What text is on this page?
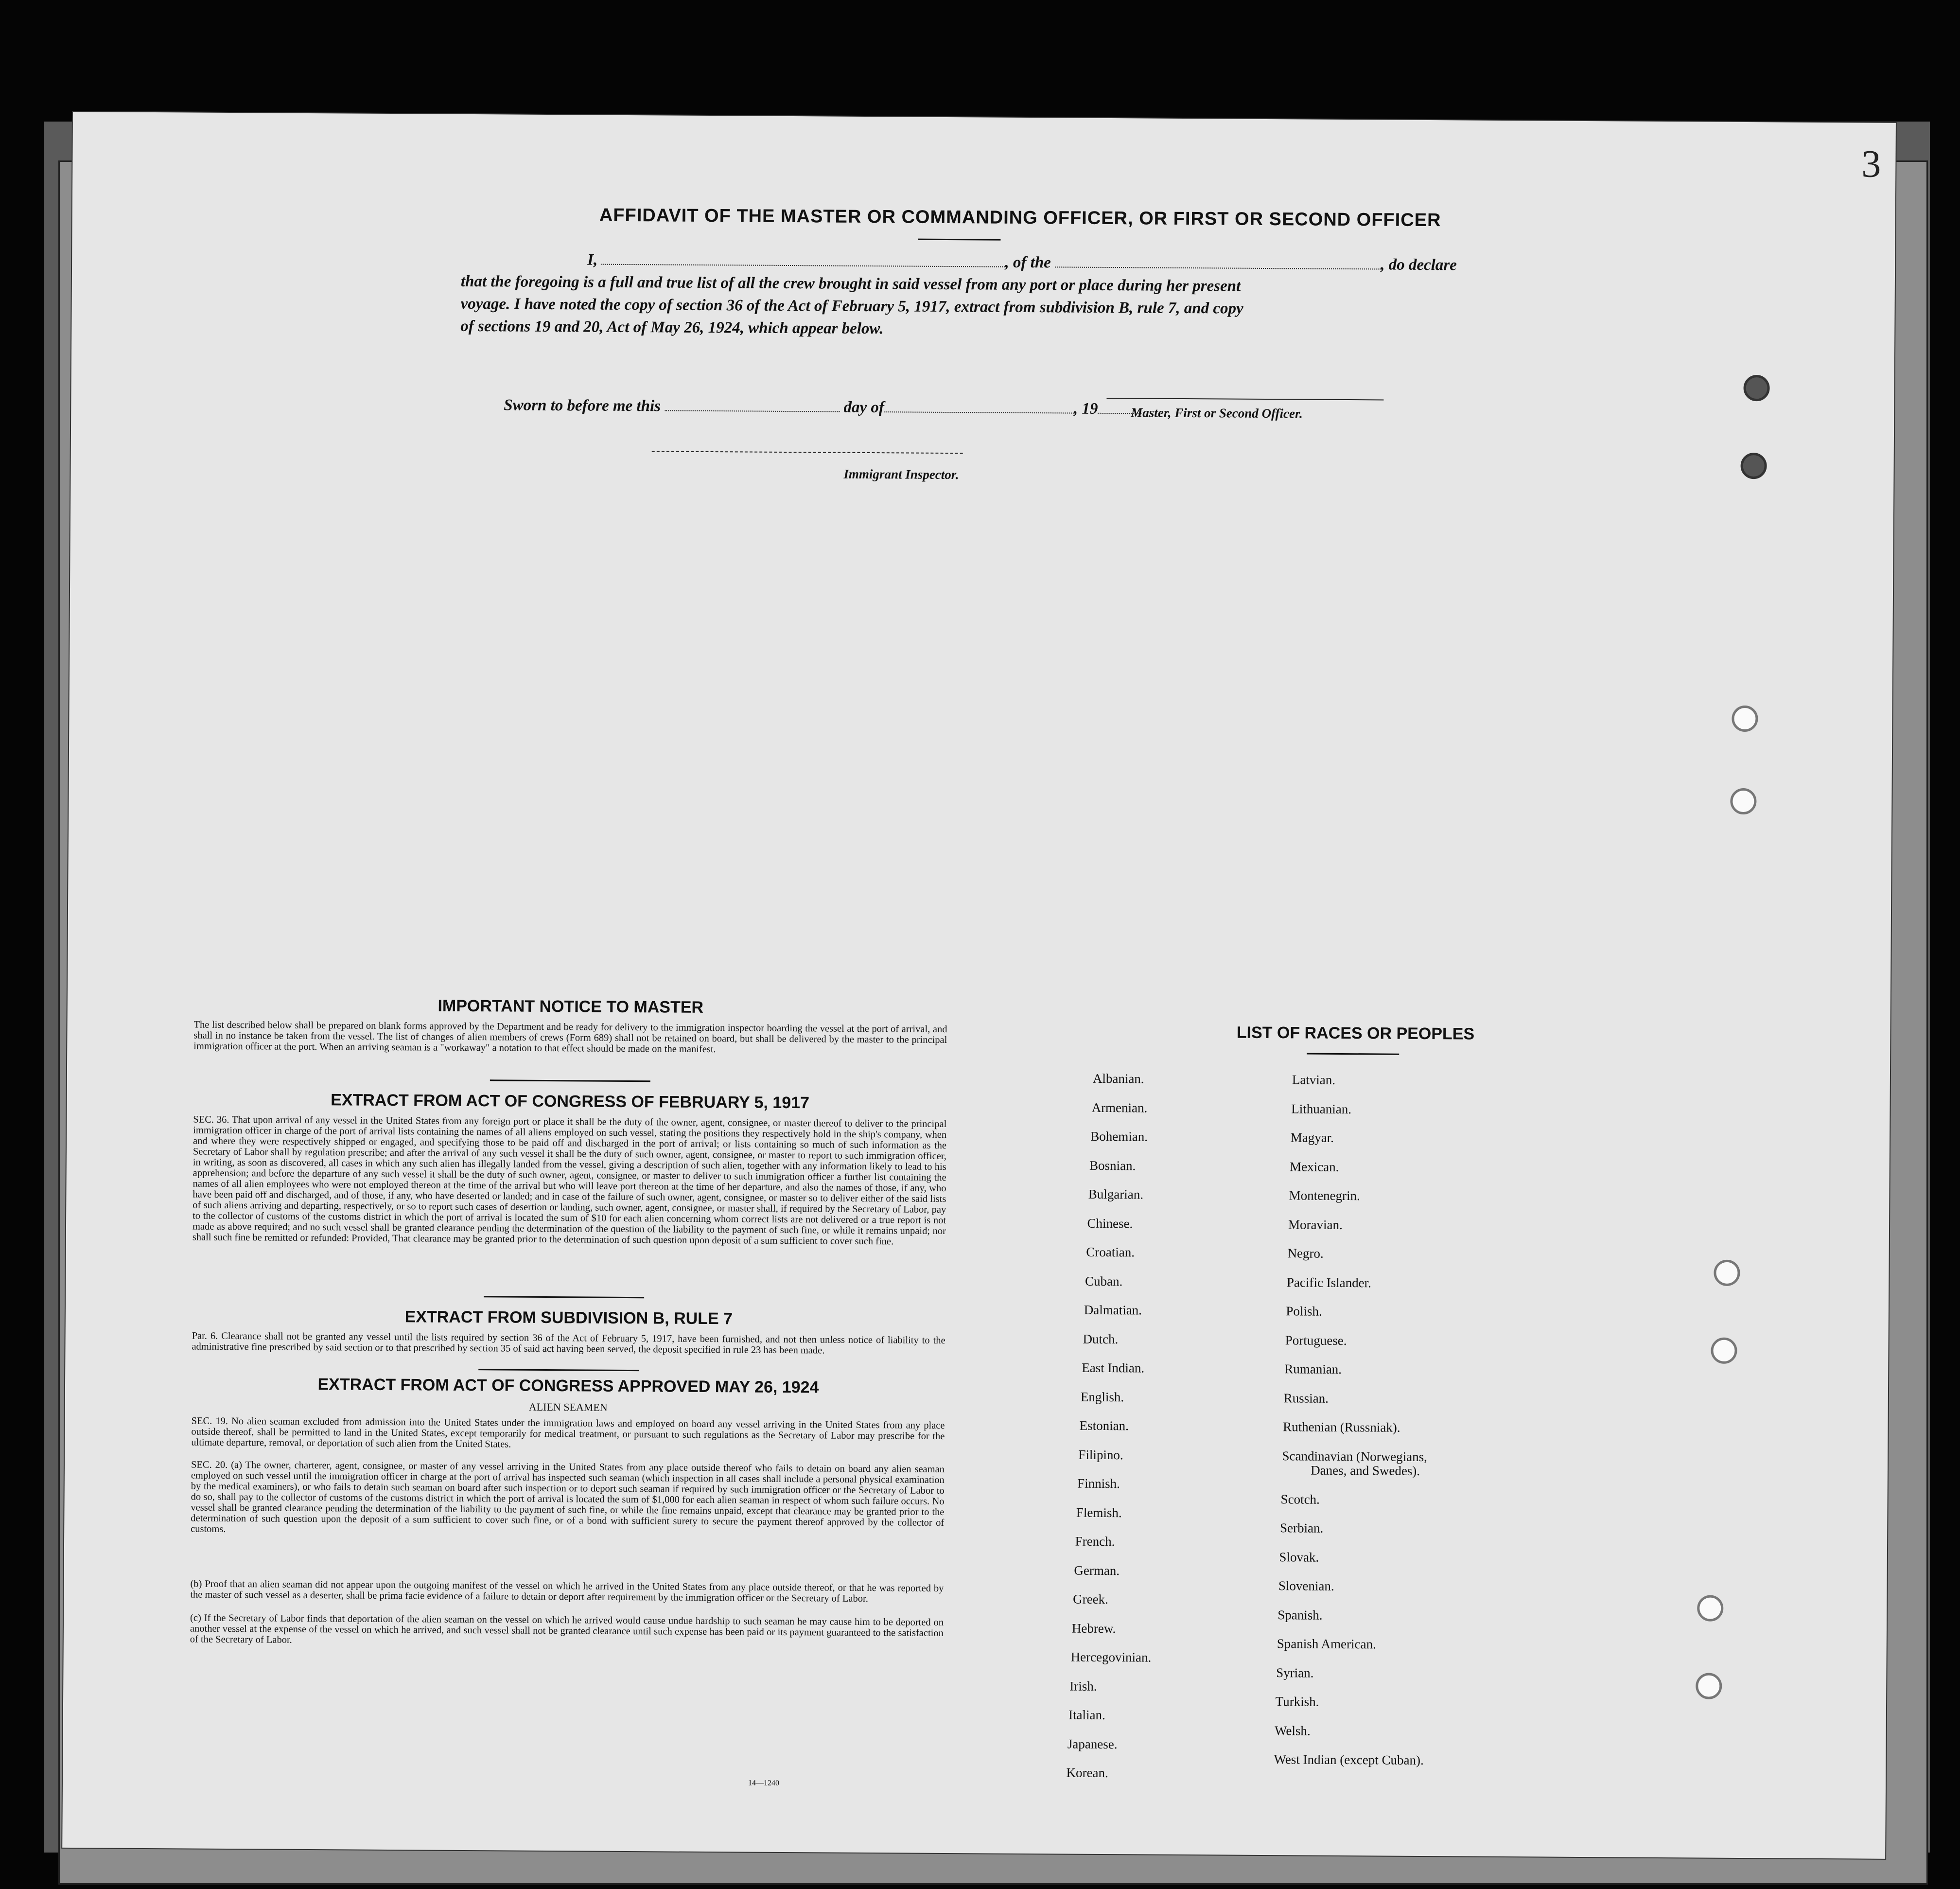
3
AFFIDAVIT OF THE MASTER OR COMMANDING OFFICER, OR FIRST OR SECOND OFFICER
I,	, of the	, do declare
that the foregoing is a full and true list of all the crew brought in said vessel from any port or place during her present
voyage. I have noted the copy of section 36 of the Act of February 5, 1917, extract from subdivision B, rule 7, and copy
of sections 19 and 20, Act of May 26, 1924, which appear below.
Master, First or Second Officer.
Sworn to before me this	day of	, 19
Immigrant Inspector.
IMPORTANT NOTICE TO MASTER
The list described below shall be prepared on blank forms approved by the Department and be ready for delivery to the immigration inspector boarding the vessel at the port of arrival, and shall in no instance be taken from the vessel. The list of changes of alien members of crews (Form 689) shall not be retained on board, but shall be delivered by the master to the principal immigration officer at the port. When an arriving seaman is a "workaway" a notation to that effect should be made on the manifest.
EXTRACT FROM ACT OF CONGRESS OF FEBRUARY 5, 1917
SEC. 36. That upon arrival of any vessel in the United States from any foreign port or place it shall be the duty of the owner, agent, consignee, or master thereof to deliver to the principal immigration officer in charge of the port of arrival lists containing the names of all aliens employed on such vessel, stating the positions they respectively hold in the ship's company, when and where they were respectively shipped or engaged, and specifying those to be paid off and discharged in the port of arrival; or lists containing so much of such information as the Secretary of Labor shall by regulation prescribe; and after the arrival of any such vessel it shall be the duty of such owner, agent, consignee, or master to report to such immigration officer, in writing, as soon as discovered, all cases in which any such alien has illegally landed from the vessel, giving a description of such alien, together with any information likely to lead to his apprehension; and before the departure of any such vessel it shall be the duty of such owner, agent, consignee, or master to deliver to such immigration officer a further list containing the names of all alien employees who were not employed thereon at the time of the arrival but who will leave port thereon at the time of her departure, and also the names of those, if any, who have been paid off and discharged, and of those, if any, who have deserted or landed; and in case of the failure of such owner, agent, consignee, or master so to deliver either of the said lists of such aliens arriving and departing, respectively, or so to report such cases of desertion or landing, such owner, agent, consignee, or master shall, if required by the Secretary of Labor, pay to the collector of customs of the customs district in which the port of arrival is located the sum of $10 for each alien concerning whom correct lists are not delivered or a true report is not made as above required; and no such vessel shall be granted clearance pending the determination of the question of the liability to the payment of such fine, or while it remains unpaid; nor shall such fine be remitted or refunded: Provided, That clearance may be granted prior to the determination of such question upon deposit of a sum sufficient to cover such fine.
EXTRACT FROM SUBDIVISION B, RULE 7
Par. 6. Clearance shall not be granted any vessel until the lists required by section 36 of the Act of February 5, 1917, have been furnished, and not then unless notice of liability to the administrative fine prescribed by said section or to that prescribed by section 35 of said act having been served, the deposit specified in rule 23 has been made.
EXTRACT FROM ACT OF CONGRESS APPROVED MAY 26, 1924
ALIEN SEAMEN
SEC. 19. No alien seaman excluded from admission into the United States under the immigration laws and employed on board any vessel arriving in the United States from any place outside thereof, shall be permitted to land in the United States, except temporarily for medical treatment, or pursuant to such regulations as the Secretary of Labor may prescribe for the ultimate departure, removal, or deportation of such alien from the United States.
SEC. 20. (a) The owner, charterer, agent, consignee, or master of any vessel arriving in the United States from any place outside thereof who fails to detain on board any alien seaman employed on such vessel until the immigration officer in charge at the port of arrival has inspected such seaman (which inspection in all cases shall include a personal physical examination by the medical examiners), or who fails to detain such seaman on board after such inspection or to deport such seaman if required by such immigration officer or the Secretary of Labor to do so, shall pay to the collector of customs of the customs district in which the port of arrival is located the sum of $1,000 for each alien seaman in respect of whom such failure occurs. No vessel shall be granted clearance pending the determination of the liability to the payment of such fine, or while the fine remains unpaid, except that clearance may be granted prior to the determination of such question upon the deposit of a sum sufficient to cover such fine, or of a bond with sufficient surety to secure the payment thereof approved by the collector of customs.
(b) Proof that an alien seaman did not appear upon the outgoing manifest of the vessel on which he arrived in the United States from any place outside thereof, or that he was reported by the master of such vessel as a deserter, shall be prima facie evidence of a failure to detain or deport after requirement by the immigration officer or the Secretary of Labor.
(c) If the Secretary of Labor finds that deportation of the alien seaman on the vessel on which he arrived would cause undue hardship to such seaman he may cause him to be deported on another vessel at the expense of the vessel on which he arrived, and such vessel shall not be granted clearance until such expense has been paid or its payment guaranteed to the satisfaction of the Secretary of Labor.
14—1240
LIST OF RACES OR PEOPLES
Albanian.
Armenian.
Bohemian.
Bosnian.
Bulgarian.
Chinese.
Croatian.
Cuban.
Dalmatian.
Dutch.
East Indian.
English.
Estonian.
Filipino.
Finnish.
Flemish.
French.
German.
Greek.
Hebrew.
Hercegovinian.
Irish.
Italian.
Japanese.
Korean.
Latvian.
Lithuanian.
Magyar.
Mexican.
Montenegrin.
Moravian.
Negro.
Pacific Islander.
Polish.
Portuguese.
Rumanian.
Russian.
Ruthenian (Russniak).
Scandinavian (Norwegians,
Danes, and Swedes).
Scotch.
Serbian.
Slovak.
Slovenian.
Spanish.
Spanish American.
Syrian.
Turkish.
Welsh.
West Indian (except Cuban).
